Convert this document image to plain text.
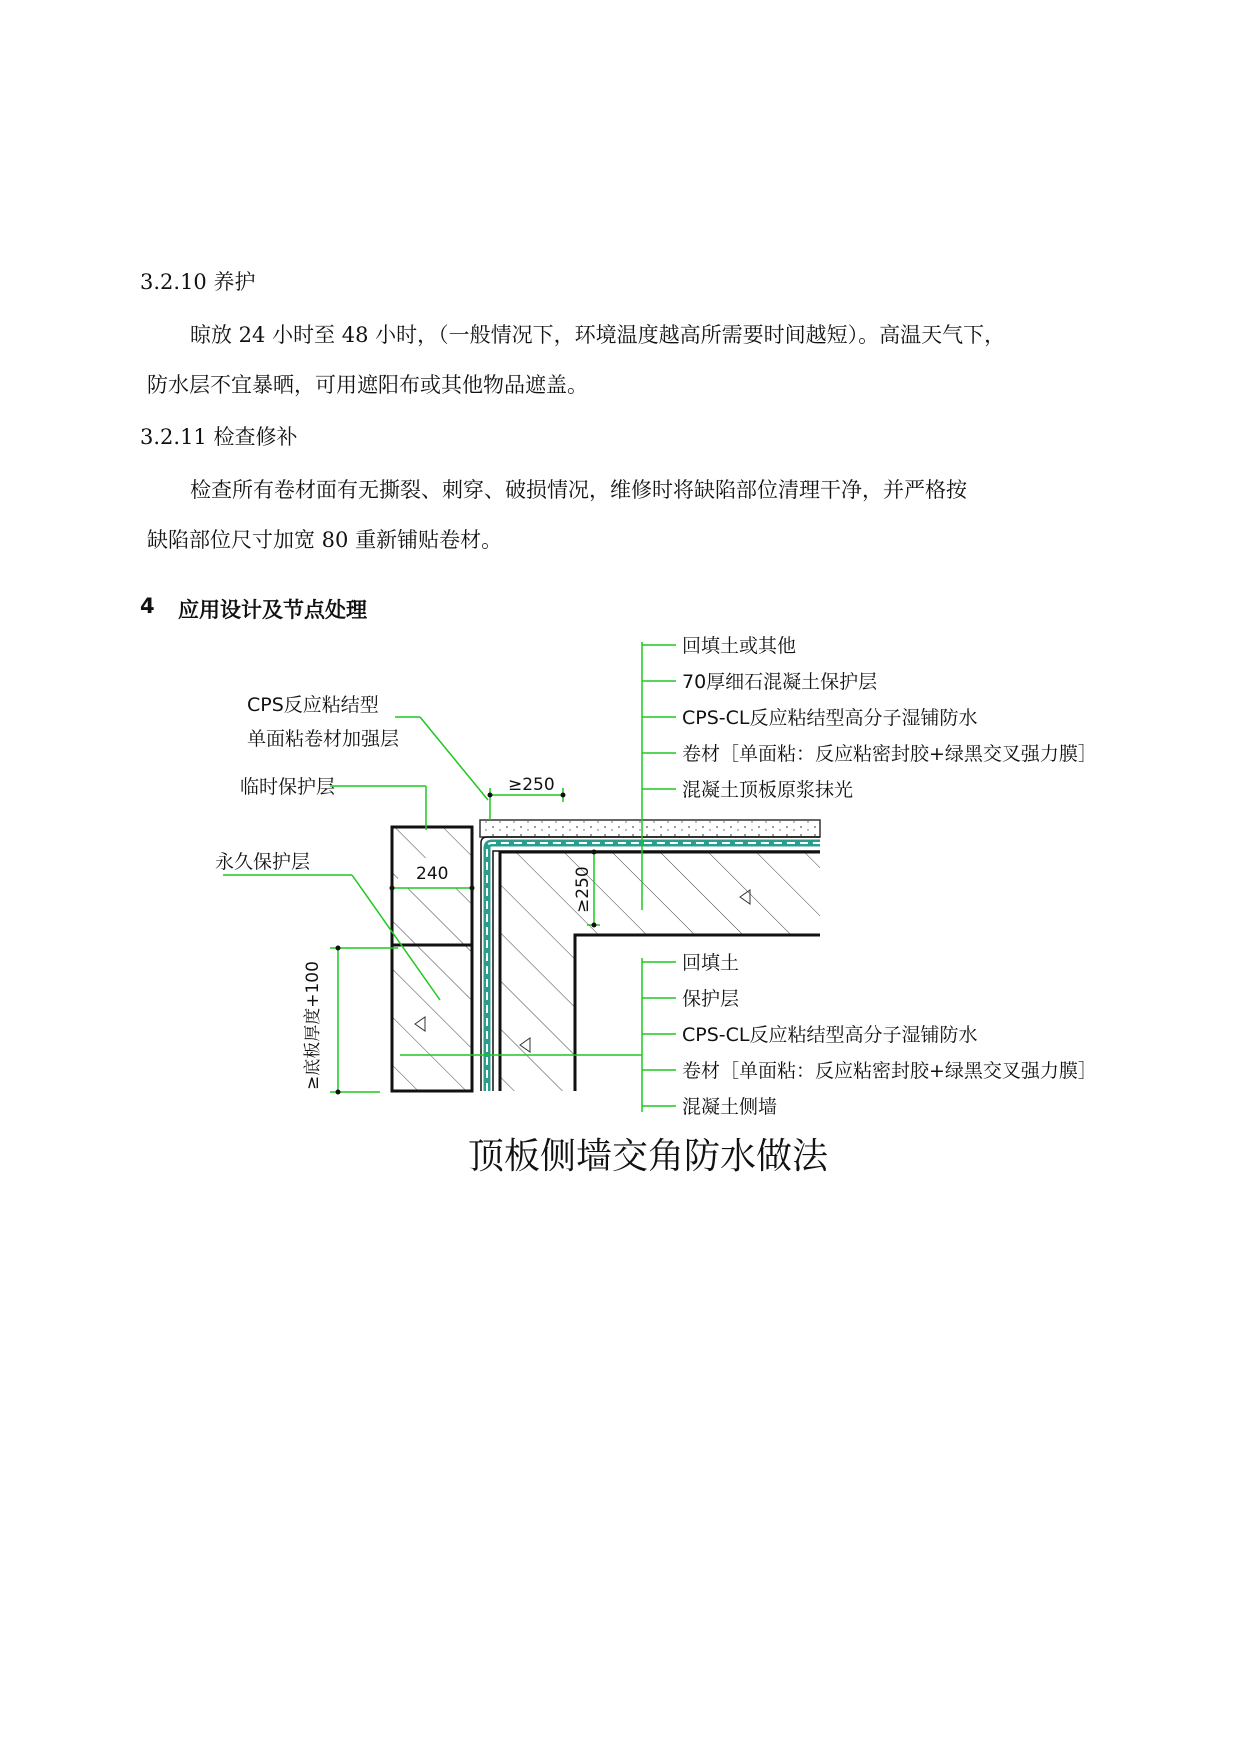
3.2.10 养护
晾放 24 小时至 48 小时，（一般情况下，环境温度越高所需要时间越短）。高温天气下，
防水层不宜暴晒，可用遮阳布或其他物品遮盖。
3.2.11 检查修补
检查所有卷材面有无撕裂、刺穿、破损情况，维修时将缺陷部位清理干净，并严格按
缺陷部位尺寸加宽 80 重新铺贴卷材。
4 应用设计及节点处理
回填土或其他
70厚细石混凝土保护层
CPS-CL反应粘结型高分子湿铺防水
卷材［单面粘：反应粘密封胶+绿黑交叉强力膜］
混凝土顶板原浆抹光
回填土
保护层
CPS-CL反应粘结型高分子湿铺防水
卷材［单面粘：反应粘密封胶+绿黑交叉强力膜］
混凝土侧墙
CPS反应粘结型
单面粘卷材加强层
临时保护层
永久保护层
≥250
≥250
240
≥底板厚度+100
顶板侧墙交角防水做法
